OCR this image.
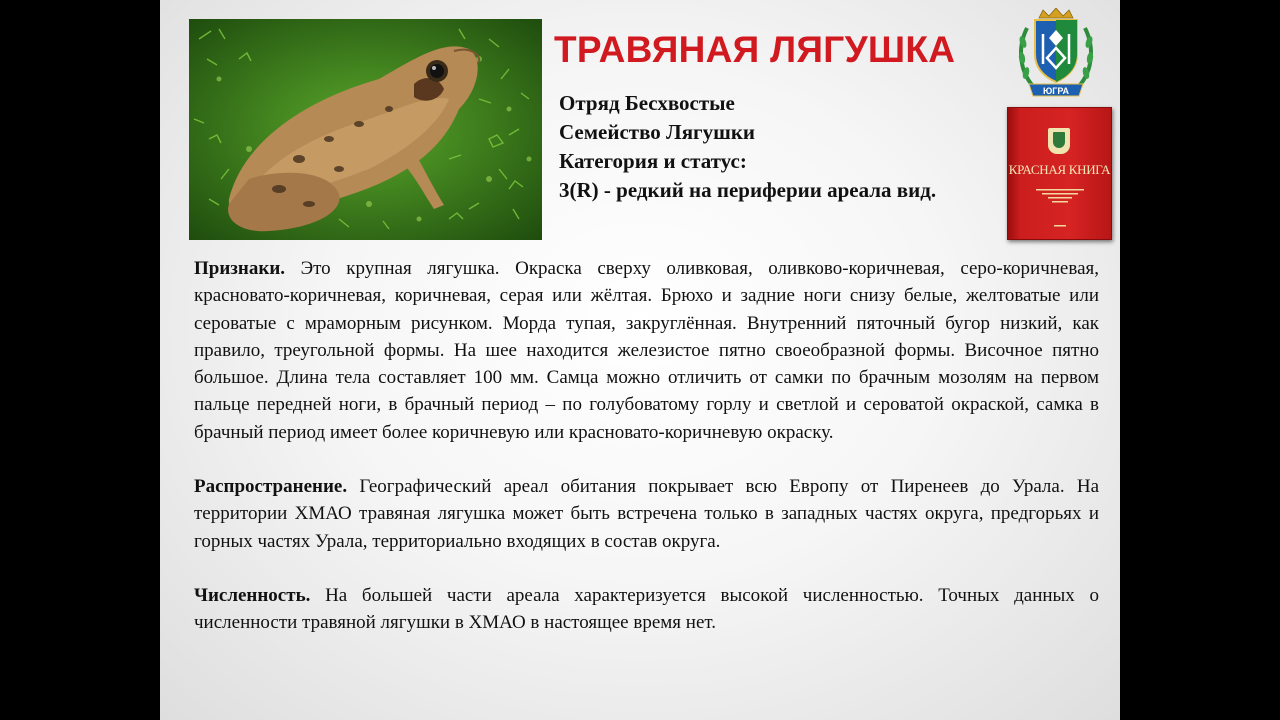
ТРАВЯНАЯ ЛЯГУШКА
ЮГРА
Отряд Бесхвостые
Семейство Лягушки
Категория и статус:
3(R) - редкий на периферии ареала вид.
КРАСНАЯ КНИГА

Признаки. Это крупная лягушка. Окраска сверху оливковая, оливково-коричневая, серо-коричневая, красновато-коричневая, коричневая, серая или жёлтая. Брюхо и задние ноги снизу белые, желтоватые или сероватые с мраморным рисунком. Морда тупая, закруглённая. Внутренний пяточный бугор низкий, как правило, треугольной формы. На шее находится железистое пятно своеобразной формы. Височное пятно большое. Длина тела составляет 100 мм. Самца можно отличить от самки по брачным мозолям на первом пальце передней ноги, в брачный период – по голубоватому горлу и светлой и сероватой окраской, самка в брачный период имеет более коричневую или красновато-коричневую окраску.

Распространение. Географический ареал обитания покрывает всю Европу от Пиренеев до Урала. На территории ХМАО травяная лягушка может быть встречена только в западных частях округа, предгорьях и горных частях Урала, территориально входящих в состав округа.

Численность. На большей части ареала характеризуется высокой численностью. Точных данных о численности травяной лягушки в ХМАО в настоящее время нет.
